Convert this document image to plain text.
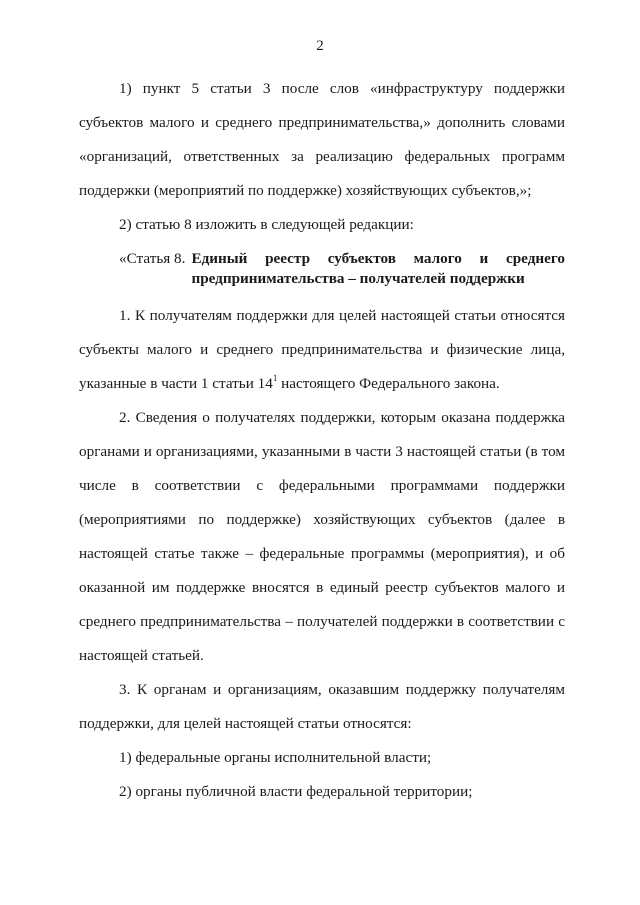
2

1) пункт 5 статьи 3 после слов «инфраструктуру поддержки субъектов малого и среднего предпринимательства,» дополнить словами «организаций, ответственных за реализацию федеральных программ поддержки (мероприятий по поддержке) хозяйствующих субъектов,»;

2) статью 8 изложить в следующей редакции:

«Статья 8. Единый реестр субъектов малого и среднего
предпринимательства – получателей поддержки

1. К получателям поддержки для целей настоящей статьи относятся субъекты малого и среднего предпринимательства и физические лица, указанные в части 1 статьи $14^1$ настоящего Федерального закона.

2. Сведения о получателях поддержки, которым оказана поддержка органами и организациями, указанными в части 3 настоящей статьи (в том числе в соответствии с федеральными программами поддержки (мероприятиями по поддержке) хозяйствующих субъектов (далее в настоящей статье также – федеральные программы (мероприятия), и об оказанной им поддержке вносятся в единый реестр субъектов малого и среднего предпринимательства – получателей поддержки в соответствии с настоящей статьей.

3. К органам и организациям, оказавшим поддержку получателям поддержки, для целей настоящей статьи относятся:

1) федеральные органы исполнительной власти;

2) органы публичной власти федеральной территории;
